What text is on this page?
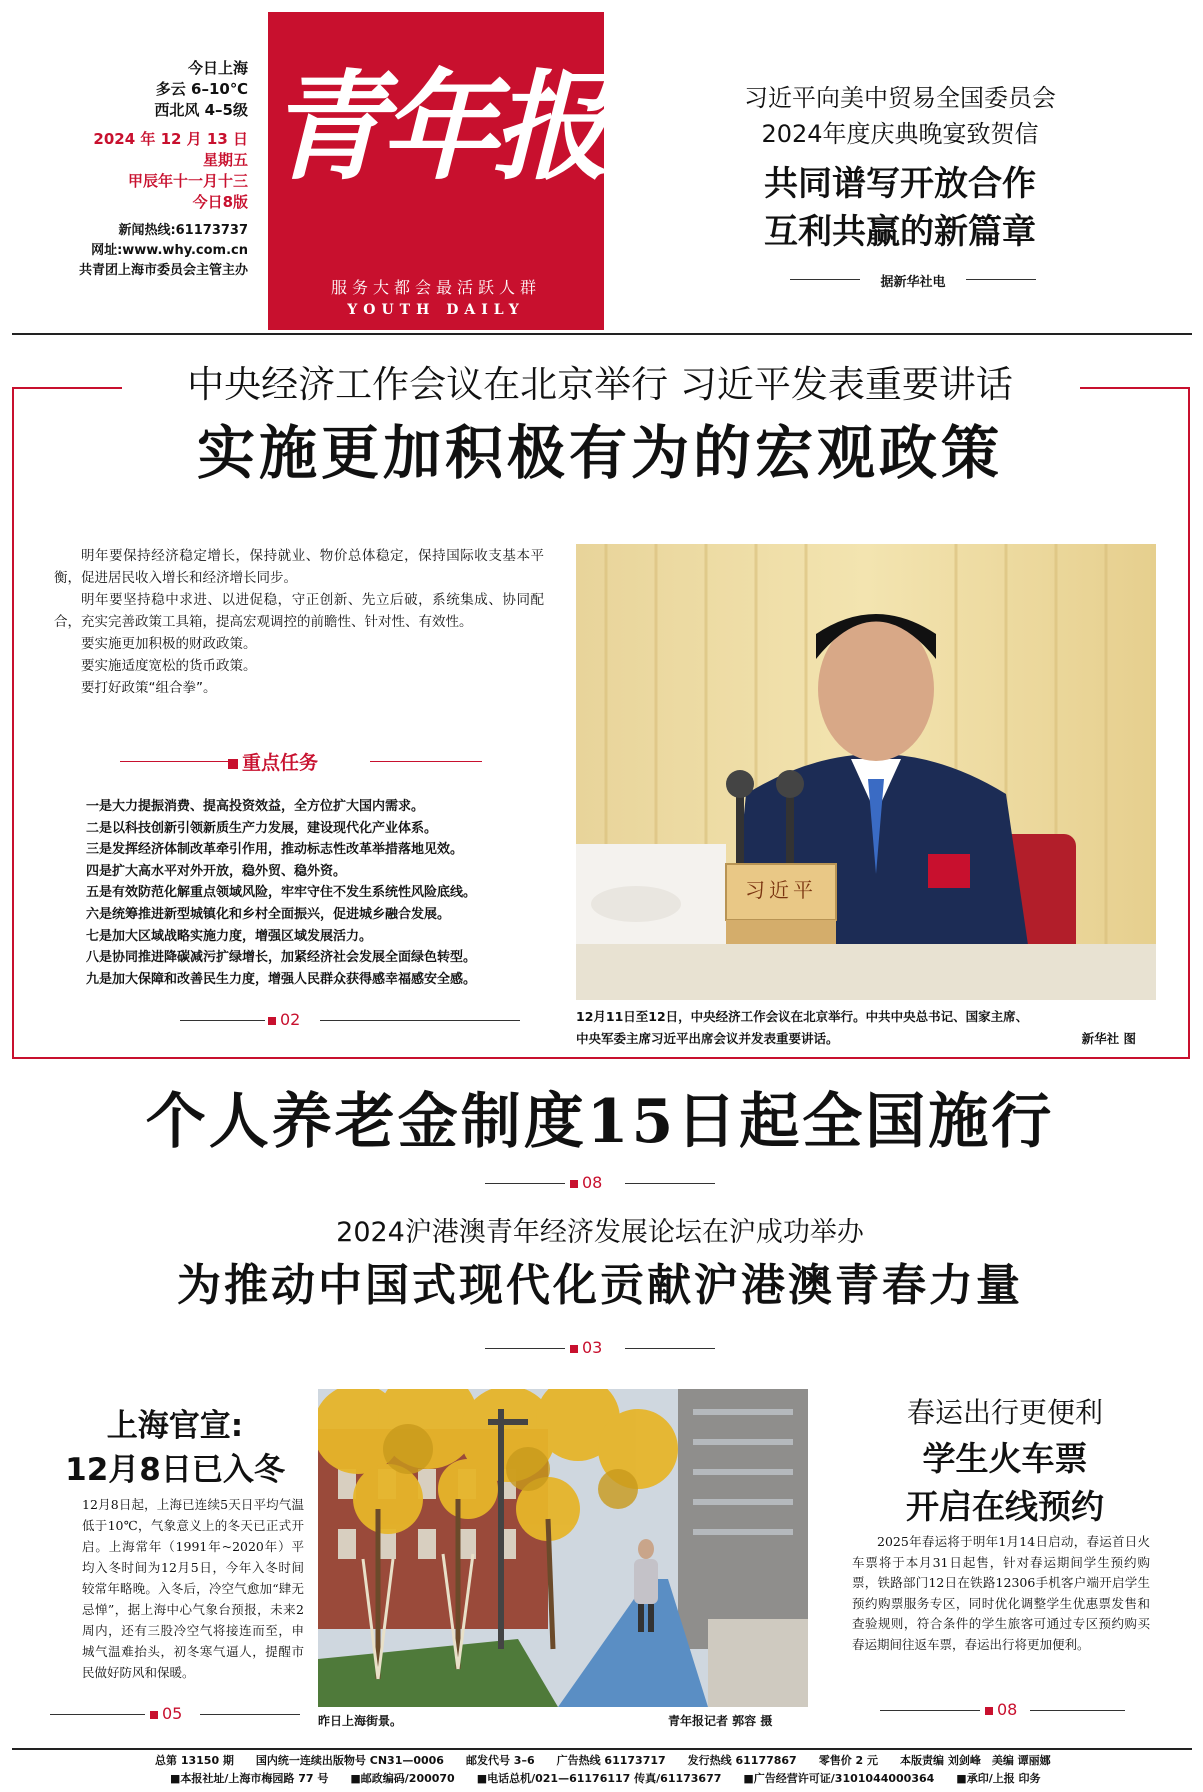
今日上海
多云 6–10℃
西北风 4–5级
2024 年 12 月 13 日
星期五
甲辰年十一月十三
今日8版
新闻热线:61173737
网址:www.why.com.cn
共青团上海市委员会主管主办
青年报
服务大都会最活跃人群
YOUTH DAILY
习近平向美中贸易全国委员会
2024年度庆典晚宴致贺信
共同谱写开放合作
互利共赢的新篇章
据新华社电
中央经济工作会议在北京举行 习近平发表重要讲话
实施更加积极有为的宏观政策

明年要保持经济稳定增长，保持就业、物价总体稳定，保持国际收支基本平衡，促进居民收入增长和经济增长同步。

明年要坚持稳中求进、以进促稳，守正创新、先立后破，系统集成、协同配合，充实完善政策工具箱，提高宏观调控的前瞻性、针对性、有效性。

要实施更加积极的财政政策。

要实施适度宽松的货币政策。

要打好政策“组合拳”。

重点任务
一是大力提振消费、提高投资效益，全方位扩大国内需求。
二是以科技创新引领新质生产力发展，建设现代化产业体系。
三是发挥经济体制改革牵引作用，推动标志性改革举措落地见效。
四是扩大高水平对外开放，稳外贸、稳外资。
五是有效防范化解重点领域风险，牢牢守住不发生系统性风险底线。
六是统筹推进新型城镇化和乡村全面振兴，促进城乡融合发展。
七是加大区域战略实施力度，增强区域发展活力。
八是协同推进降碳减污扩绿增长，加紧经济社会发展全面绿色转型。
九是加大保障和改善民生力度，增强人民群众获得感幸福感安全感。
02
习近平
12月11日至12日，中央经济工作会议在北京举行。中共中央总书记、国家主席、
中央军委主席习近平出席会议并发表重要讲话。	新华社 图
个人养老金制度15日起全国施行
08
2024沪港澳青年经济发展论坛在沪成功举办
为推动中国式现代化贡献沪港澳青春力量
03
上海官宣:
12月8日已入冬
12月8日起，上海已连续5天日平均气温低于10℃，气象意义上的冬天已正式开启。上海常年（1991年~2020年）平均入冬时间为12月5日，今年入冬时间较常年略晚。入冬后，冷空气愈加“肆无忌惮”，据上海中心气象台预报，未来2周内，还有三股冷空气将接连而至，申城气温难抬头，初冬寒气逼人，提醒市民做好防风和保暖。
05	昨日上海街景。	青年报记者 郭容 摄
春运出行更便利
学生火车票
开启在线预约
2025年春运将于明年1月14日启动，春运首日火车票将于本月31日起售，针对春运期间学生预约购票，铁路部门12日在铁路12306手机客户端开启学生预约购票服务专区，同时优化调整学生优惠票发售和查验规则，符合条件的学生旅客可通过专区预约购买春运期间往返车票，春运出行将更加便利。
08
总第 13150 期　　国内统一连续出版物号 CN31—0006　　邮发代号 3–6　　广告热线 61173717　　发行热线 61177867　　零售价 2 元　　本版责编 刘剑峰　美编 谭丽娜
■本报社址/上海市梅园路 77 号　　■邮政编码/200070　　■电话总机/021—61176117 传真/61173677　　■广告经营许可证/3101044000364　　■承印/上报 印务
